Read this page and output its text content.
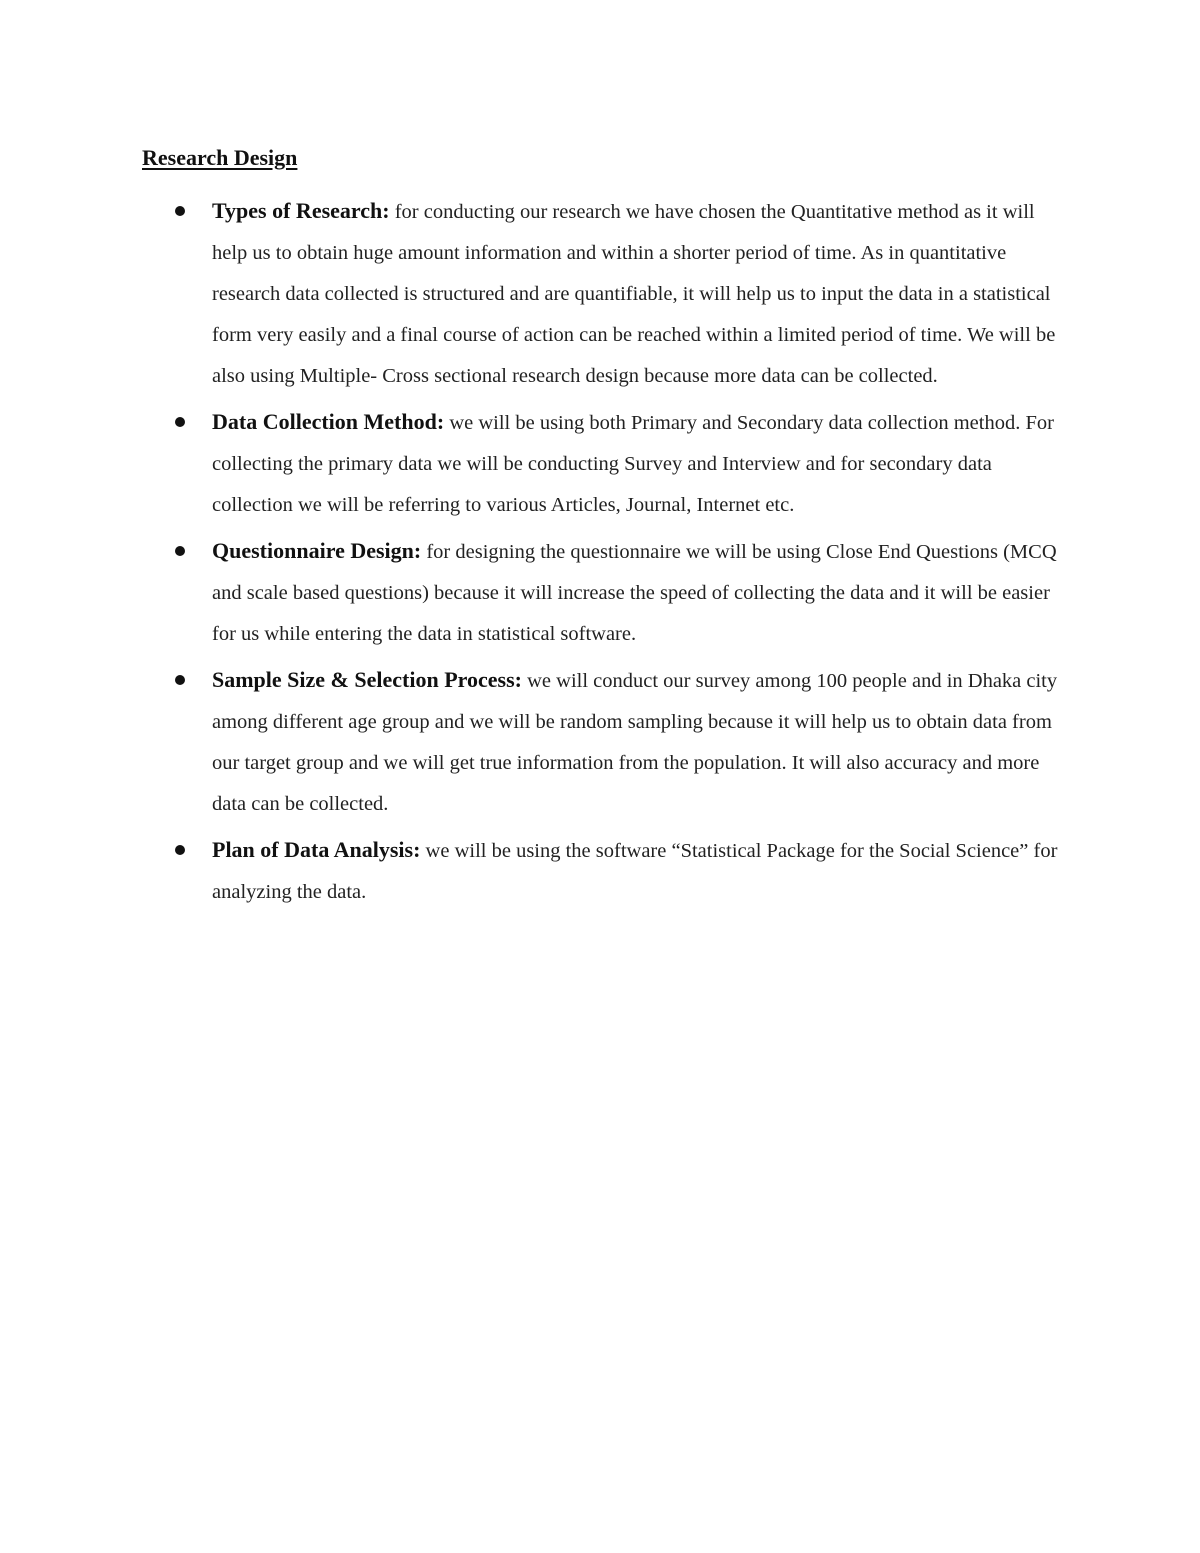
Research Design
Types of Research: for conducting our research we have chosen the Quantitative method as it will help us to obtain huge amount information and within a shorter period of time. As in quantitative research data collected is structured and are quantifiable, it will help us to input the data in a statistical form very easily and a final course of action can be reached within a limited period of time. We will be also using Multiple- Cross sectional research design because more data can be collected.
Data Collection Method: we will be using both Primary and Secondary data collection method. For collecting the primary data we will be conducting Survey and Interview and for secondary data collection we will be referring to various Articles, Journal, Internet etc.
Questionnaire Design: for designing the questionnaire we will be using Close End Questions (MCQ and scale based questions) because it will increase the speed of collecting the data and it will be easier for us while entering the data in statistical software.
Sample Size & Selection Process: we will conduct our survey among 100 people and in Dhaka city among different age group and we will be random sampling because it will help us to obtain data from our target group and we will get true information from the population. It will also accuracy and more data can be collected.
Plan of Data Analysis: we will be using the software “Statistical Package for the Social Science” for analyzing the data.
